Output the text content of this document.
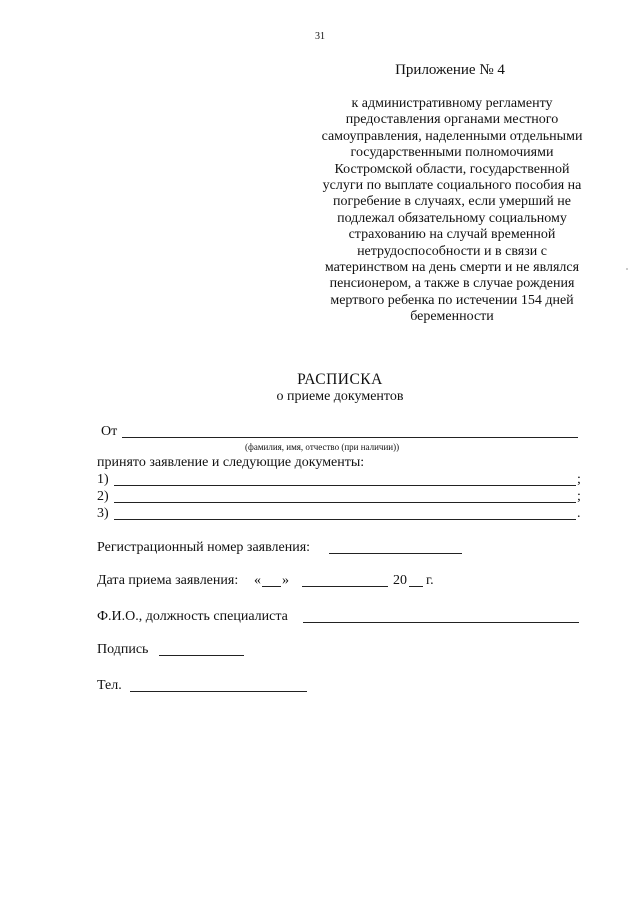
31
Приложение № 4
к административному регламенту
предоставления органами местного
самоуправления, наделенными отдельными
государственными полномочиями
Костромской области, государственной
услуги по выплате социального пособия на
погребение в случаях, если умерший не
подлежал обязательному социальному
страхованию на случай временной
нетрудоспособности и в связи с
материнством на день смерти и не являлся
пенсионером, а также в случае рождения
мертвого ребенка по истечении 154 дней
беременности
РАСПИСКА
о приеме документов
От
(фамилия, имя, отчество (при наличии))
принято заявление и следующие документы:
1)	;
2)	;
3)	.
Регистрационный номер заявления:
Дата приема заявления: « »	20 г.
Ф.И.О., должность специалиста
Подпись
Тел.
